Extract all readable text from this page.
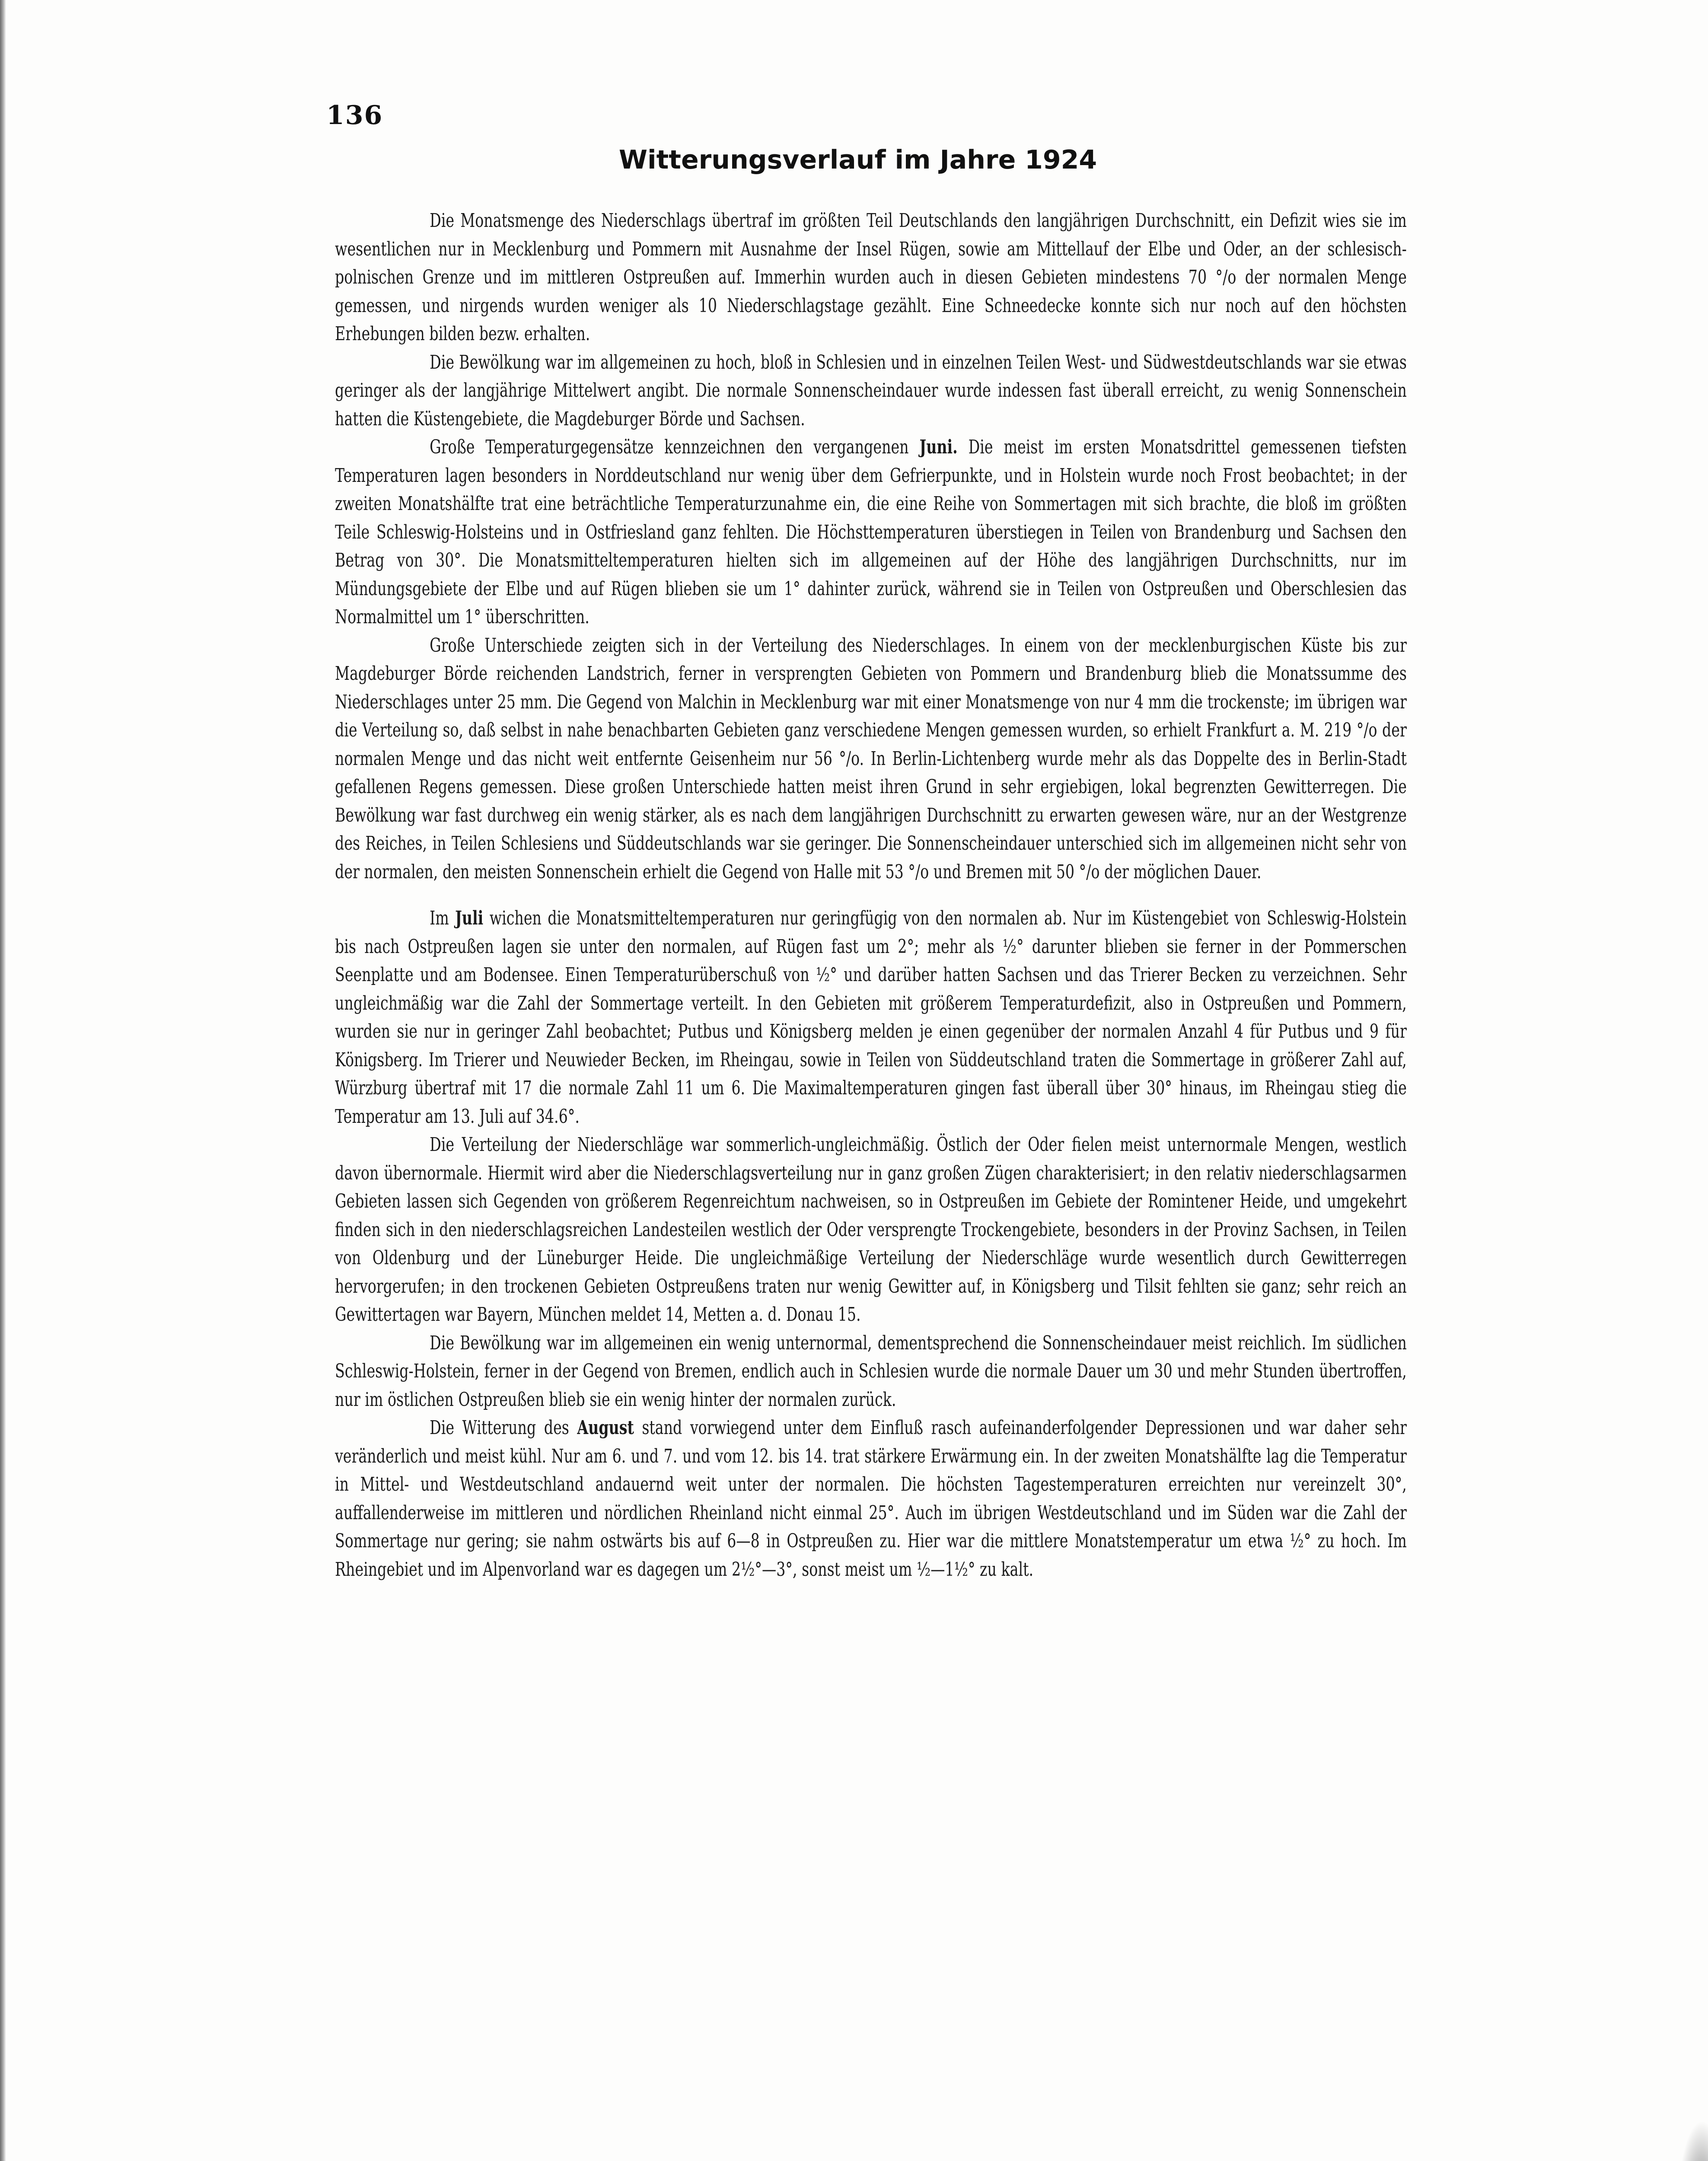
136
Witterungsverlauf im Jahre 1924

Die Monatsmenge des Niederschlags übertraf im größten Teil Deutschlands den langjährigen Durchschnitt, ein Defizit wies sie im wesentlichen nur in Mecklenburg und Pommern mit Ausnahme der Insel Rügen, sowie am Mittellauf der Elbe und Oder, an der schlesisch-polnischen Grenze und im mittleren Ostpreußen auf. Immerhin wurden auch in diesen Gebieten mindestens 70 °/o der normalen Menge gemessen, und nirgends wurden weniger als 10 Niederschlagstage gezählt. Eine Schneedecke konnte sich nur noch auf den höchsten Erhebungen bilden bezw. erhalten.

Die Bewölkung war im allgemeinen zu hoch, bloß in Schlesien und in einzelnen Teilen West- und Südwestdeutschlands war sie etwas geringer als der langjährige Mittelwert angibt. Die normale Sonnenscheindauer wurde indessen fast überall erreicht, zu wenig Sonnenschein hatten die Küstengebiete, die Magdeburger Börde und Sachsen.

Große Temperaturgegensätze kennzeichnen den vergangenen Juni. Die meist im ersten Monatsdrittel gemessenen tiefsten Temperaturen lagen besonders in Norddeutschland nur wenig über dem Gefrierpunkte, und in Holstein wurde noch Frost beobachtet; in der zweiten Monatshälfte trat eine beträchtliche Temperaturzunahme ein, die eine Reihe von Sommertagen mit sich brachte, die bloß im größten Teile Schleswig-Holsteins und in Ostfriesland ganz fehlten. Die Höchsttemperaturen überstiegen in Teilen von Brandenburg und Sachsen den Betrag von 30°. Die Monatsmitteltemperaturen hielten sich im allgemeinen auf der Höhe des langjährigen Durchschnitts, nur im Mündungsgebiete der Elbe und auf Rügen blieben sie um 1° dahinter zurück, während sie in Teilen von Ostpreußen und Oberschlesien das Normalmittel um 1° überschritten.

Große Unterschiede zeigten sich in der Verteilung des Niederschlages. In einem von der mecklenburgischen Küste bis zur Magdeburger Börde reichenden Landstrich, ferner in versprengten Gebieten von Pommern und Brandenburg blieb die Monatssumme des Niederschlages unter 25 mm. Die Gegend von Malchin in Mecklenburg war mit einer Monatsmenge von nur 4 mm die trockenste; im übrigen war die Verteilung so, daß selbst in nahe benachbarten Gebieten ganz verschiedene Mengen gemessen wurden, so erhielt Frankfurt a. M. 219 °/o der normalen Menge und das nicht weit entfernte Geisenheim nur 56 °/o. In Berlin-Lichtenberg wurde mehr als das Doppelte des in Berlin-Stadt gefallenen Regens gemessen. Diese großen Unterschiede hatten meist ihren Grund in sehr ergiebigen, lokal begrenzten Gewitterregen. Die Bewölkung war fast durchweg ein wenig stärker, als es nach dem langjährigen Durchschnitt zu erwarten gewesen wäre, nur an der Westgrenze des Reiches, in Teilen Schlesiens und Süddeutschlands war sie geringer. Die Sonnenscheindauer unterschied sich im allgemeinen nicht sehr von der normalen, den meisten Sonnenschein erhielt die Gegend von Halle mit 53 °/o und Bremen mit 50 °/o der möglichen Dauer.

Im Juli wichen die Monatsmitteltemperaturen nur geringfügig von den normalen ab. Nur im Küstengebiet von Schleswig-Holstein bis nach Ostpreußen lagen sie unter den normalen, auf Rügen fast um 2°; mehr als ½° darunter blieben sie ferner in der Pommerschen Seenplatte und am Bodensee. Einen Temperaturüberschuß von ½° und darüber hatten Sachsen und das Trierer Becken zu verzeichnen. Sehr ungleichmäßig war die Zahl der Sommertage verteilt. In den Gebieten mit größerem Temperaturdefizit, also in Ostpreußen und Pommern, wurden sie nur in geringer Zahl beobachtet; Putbus und Königsberg melden je einen gegenüber der normalen Anzahl 4 für Putbus und 9 für Königsberg. Im Trierer und Neuwieder Becken, im Rheingau, sowie in Teilen von Süddeutschland traten die Sommertage in größerer Zahl auf, Würzburg übertraf mit 17 die normale Zahl 11 um 6. Die Maximaltemperaturen gingen fast überall über 30° hinaus, im Rheingau stieg die Temperatur am 13. Juli auf 34.6°.

Die Verteilung der Niederschläge war sommerlich-ungleichmäßig. Östlich der Oder fielen meist unternormale Mengen, westlich davon übernormale. Hiermit wird aber die Niederschlagsverteilung nur in ganz großen Zügen charakterisiert; in den relativ niederschlagsarmen Gebieten lassen sich Gegenden von größerem Regenreichtum nachweisen, so in Ostpreußen im Gebiete der Romintener Heide, und umgekehrt finden sich in den niederschlagsreichen Landesteilen westlich der Oder versprengte Trockengebiete, besonders in der Provinz Sachsen, in Teilen von Oldenburg und der Lüneburger Heide. Die ungleichmäßige Verteilung der Niederschläge wurde wesentlich durch Gewitterregen hervorgerufen; in den trockenen Gebieten Ostpreußens traten nur wenig Gewitter auf, in Königsberg und Tilsit fehlten sie ganz; sehr reich an Gewittertagen war Bayern, München meldet 14, Metten a. d. Donau 15.

Die Bewölkung war im allgemeinen ein wenig unternormal, dementsprechend die Sonnenscheindauer meist reichlich. Im südlichen Schleswig-Holstein, ferner in der Gegend von Bremen, endlich auch in Schlesien wurde die normale Dauer um 30 und mehr Stunden übertroffen, nur im östlichen Ostpreußen blieb sie ein wenig hinter der normalen zurück.

Die Witterung des August stand vorwiegend unter dem Einfluß rasch aufeinanderfolgender Depressionen und war daher sehr veränderlich und meist kühl. Nur am 6. und 7. und vom 12. bis 14. trat stärkere Erwärmung ein. In der zweiten Monatshälfte lag die Temperatur in Mittel- und Westdeutschland andauernd weit unter der normalen. Die höchsten Tagestemperaturen erreichten nur vereinzelt 30°, auffallenderweise im mittleren und nördlichen Rheinland nicht einmal 25°. Auch im übrigen Westdeutschland und im Süden war die Zahl der Sommertage nur gering; sie nahm ostwärts bis auf 6—8 in Ostpreußen zu. Hier war die mittlere Monatstemperatur um etwa ½° zu hoch. Im Rheingebiet und im Alpenvorland war es dagegen um 2½°—3°, sonst meist um ½—1½° zu kalt.
